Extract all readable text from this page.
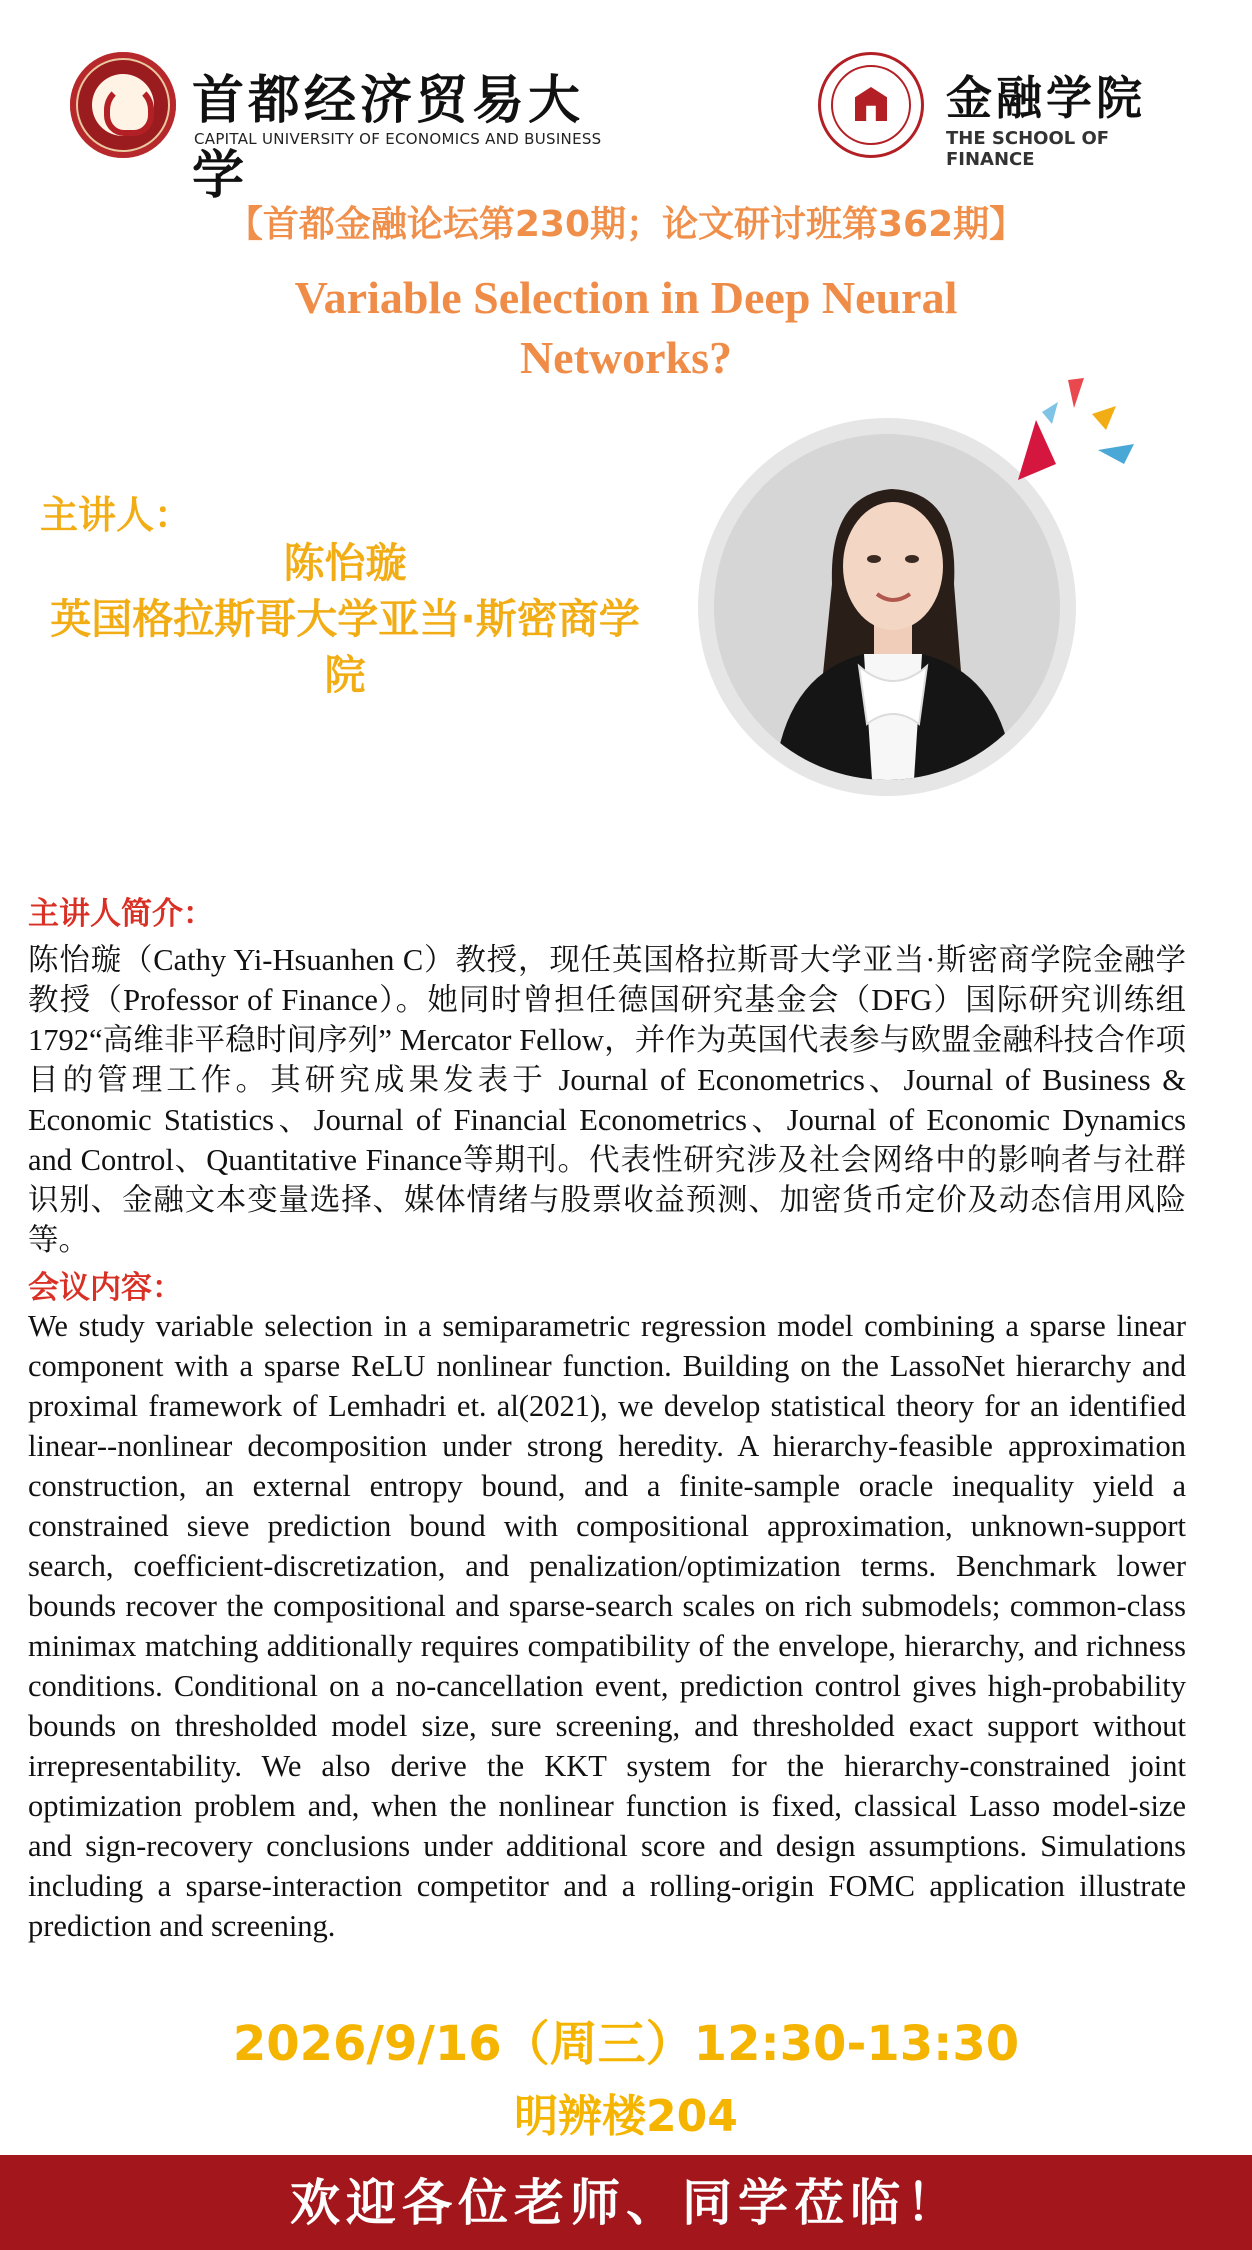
首都经济贸易大学
CAPITAL UNIVERSITY OF ECONOMICS AND BUSINESS
金融学院
THE SCHOOL OF FINANCE
【首都金融论坛第230期；论文研讨班第362期】
Variable Selection in Deep Neural Networks?
主讲人：
陈怡璇
英国格拉斯哥大学亚当·斯密商学院
主讲人简介：
陈怡璇（Cathy Yi-Hsuanhen C）教授，现任英国格拉斯哥大学亚当·斯密商学院金融学教授（Professor of Finance）。她同时曾担任德国研究基金会（DFG）国际研究训练组1792“高维非平稳时间序列” Mercator Fellow，并作为英国代表参与欧盟金融科技合作项目的管理工作。其研究成果发表于 Journal of Econometrics、Journal of Business & Economic Statistics、Journal of Financial Econometrics、Journal of Economic Dynamics and Control、Quantitative Finance等期刊。代表性研究涉及社会网络中的影响者与社群识别、金融文本变量选择、媒体情绪与股票收益预测、加密货币定价及动态信用风险等。
会议内容：
We study variable selection in a semiparametric regression model combining a sparse linear component with a sparse ReLU nonlinear function. Building on the LassoNet hierarchy and proximal framework of Lemhadri et. al(2021), we develop statistical theory for an identified linear--nonlinear decomposition under strong heredity. A hierarchy-feasible approximation construction, an external entropy bound, and a finite-sample oracle inequality yield a constrained sieve prediction bound with compositional approximation, unknown-support search, coefficient-discretization, and penalization/optimization terms. Benchmark lower bounds recover the compositional and sparse-search scales on rich submodels; common-class minimax matching additionally requires compatibility of the envelope, hierarchy, and richness conditions. Conditional on a no-cancellation event, prediction control gives high-probability bounds on thresholded model size, sure screening, and thresholded exact support without irrepresentability. We also derive the KKT system for the hierarchy-constrained joint optimization problem and, when the nonlinear function is fixed, classical Lasso model-size and sign-recovery conclusions under additional score and design assumptions. Simulations including a sparse-interaction competitor and a rolling-origin FOMC application illustrate prediction and screening.
2026/9/16（周三）12:30-13:30
明辨楼204
欢迎各位老师、同学莅临！
